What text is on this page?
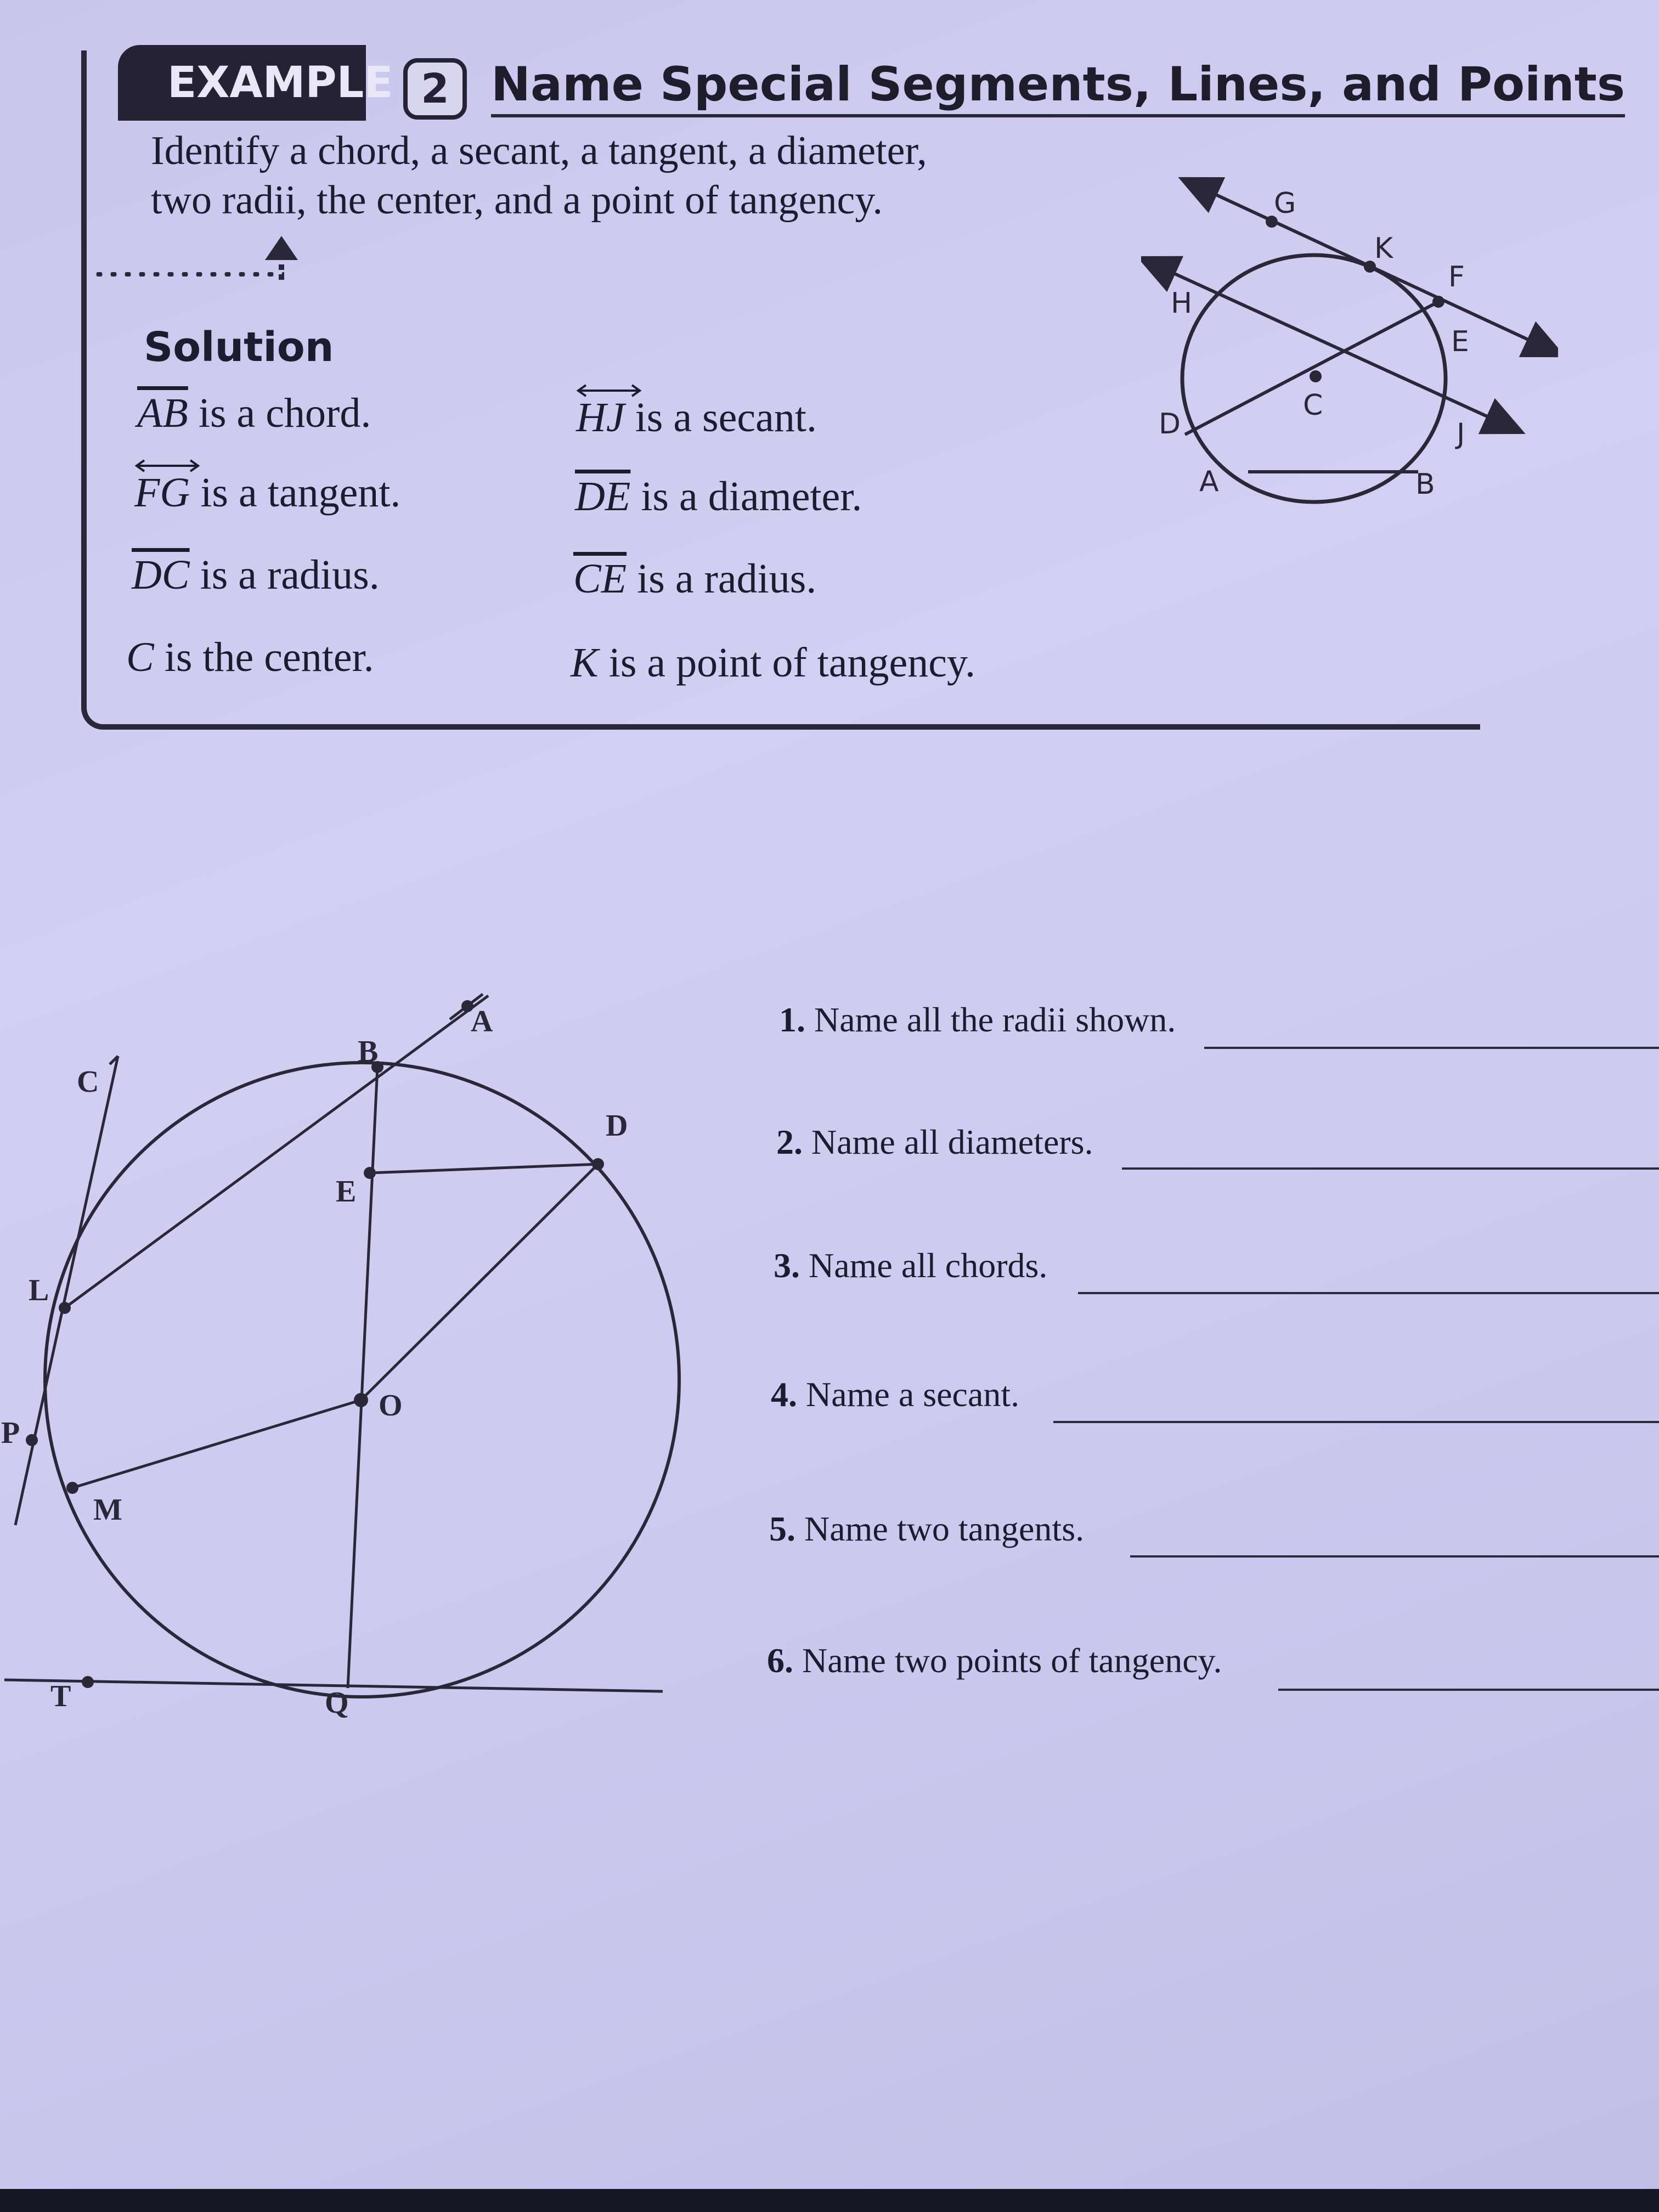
EXAMPLE 2 Name Special Segments, Lines, and Points
Identify a chord, a secant, a tangent, a diameter,
two radii, the center, and a point of tangency.
Solution
$\overline{AB}$ is a chord.	HJ is a secant.
FG is a tangent.	$\overline{DE}$ is a diameter.
$\overline{DC}$ is a radius.	$\overline{CE}$ is a radius.
C is the center.	K is a point of tangency.
G
K
F
H
E
C
D	J
A	B
A
B
C
D
E
L
O
P
M
T	Q
1. Name all the radii shown.
2. Name all diameters.
3. Name all chords.
4. Name a secant.
5. Name two tangents.
6. Name two points of tangency.
